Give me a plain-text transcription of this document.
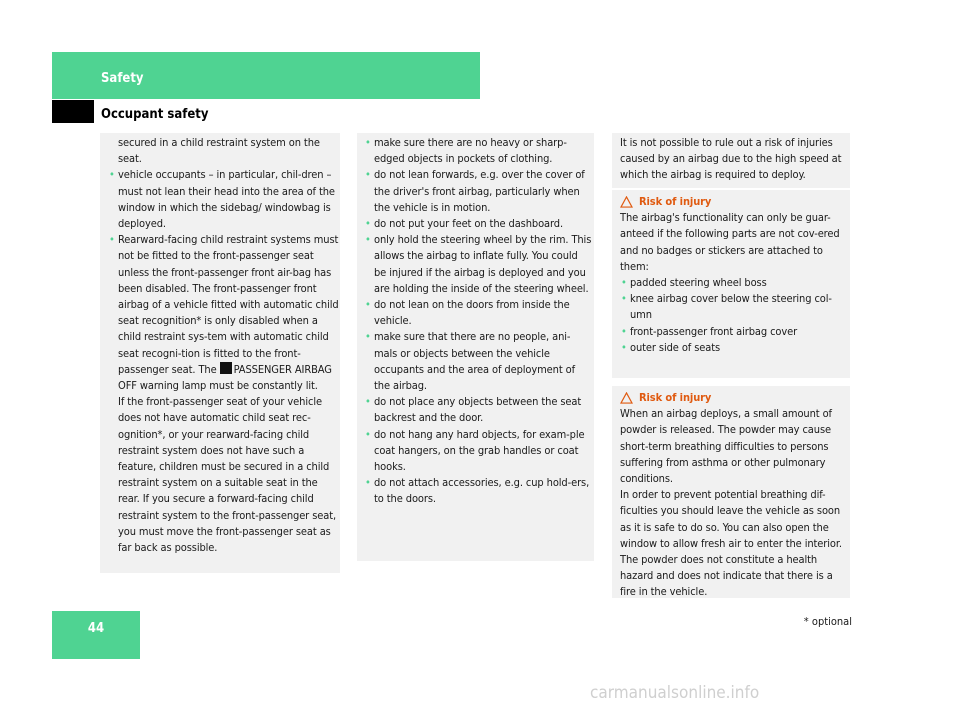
Safety
Occupant safety

secured in a child restraint system on the seat.

• vehicle occupants – in particular, chil-dren – must not lean their head into the area of the window in which the sidebag/ windowbag is deployed.
• Rearward-facing child restraint systems must not be fitted to the front-passenger seat unless the front-passenger front air-bag has been disabled. The front-passenger front airbag of a vehicle fitted with automatic child seat recognition* is only disabled when a child restraint sys-tem with automatic child seat recogni-tion is fitted to the front-passenger seat. The PASSENGER AIRBAG OFF warning lamp must be constantly lit.

If the front-passenger seat of your vehicle does not have automatic child seat rec-ognition*, or your rearward-facing child restraint system does not have such a feature, children must be secured in a child restraint system on a suitable seat in the rear. If you secure a forward-facing child restraint system to the front-passenger seat, you must move the front-passenger seat as far back as possible.

• make sure there are no heavy or sharp-edged objects in pockets of clothing.
• do not lean forwards, e.g. over the cover of the driver's front airbag, particularly when the vehicle is in motion.
• do not put your feet on the dashboard.
• only hold the steering wheel by the rim. This allows the airbag to inflate fully. You could be injured if the airbag is deployed and you are holding the inside of the steering wheel.
• do not lean on the doors from inside the vehicle.
• make sure that there are no people, ani-mals or objects between the vehicle occupants and the area of deployment of the airbag.
• do not place any objects between the seat backrest and the door.
• do not hang any hard objects, for exam-ple coat hangers, on the grab handles or coat hooks.
• do not attach accessories, e.g. cup hold-ers, to the doors.

It is not possible to rule out a risk of injuries caused by an airbag due to the high speed at which the airbag is required to deploy.

Risk of injury

The airbag's functionality can only be guar-anteed if the following parts are not cov-ered and no badges or stickers are attached to them:

• padded steering wheel boss
• knee airbag cover below the steering col-umn
• front-passenger front airbag cover
• outer side of seats

Risk of injury

When an airbag deploys, a small amount of powder is released. The powder may cause short-term breathing difficulties to persons suffering from asthma or other pulmonary conditions.

In order to prevent potential breathing dif-ficulties you should leave the vehicle as soon as it is safe to do so. You can also open the window to allow fresh air to enter the interior. The powder does not constitute a health hazard and does not indicate that there is a fire in the vehicle.

44	* optional
carmanualsonline.info
